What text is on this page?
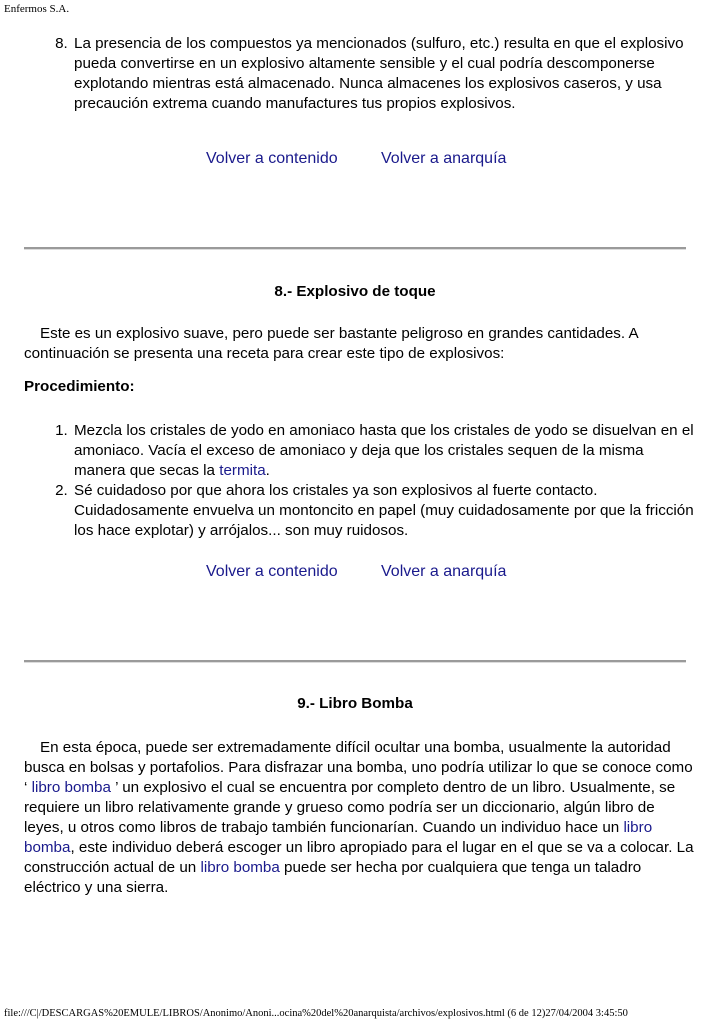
Enfermos S.A.
8. La presencia de los compuestos ya mencionados (sulfuro, etc.) resulta en que el explosivo pueda convertirse en un explosivo altamente sensible y el cual podría descomponerse explotando mientras está almacenado. Nunca almacenes los explosivos caseros, y usa precaución extrema cuando manufactures tus propios explosivos.
Volver a contenido	Volver a anarquía
8.- Explosivo de toque
Este es un explosivo suave, pero puede ser bastante peligroso en grandes cantidades. A continuación se presenta una receta para crear este tipo de explosivos:
Procedimiento:
1. Mezcla los cristales de yodo en amoniaco hasta que los cristales de yodo se disuelvan en el amoniaco. Vacía el exceso de amoniaco y deja que los cristales sequen de la misma manera que secas la termita.
2. Sé cuidadoso por que ahora los cristales ya son explosivos al fuerte contacto. Cuidadosamente envuelva un montoncito en papel (muy cuidadosamente por que la fricción los hace explotar) y arrójalos... son muy ruidosos.
Volver a contenido	Volver a anarquía
9.- Libro Bomba
En esta época, puede ser extremadamente difícil ocultar una bomba, usualmente la autoridad busca en bolsas y portafolios. Para disfrazar una bomba, uno podría utilizar lo que se conoce como ‘ libro bomba ’ un explosivo el cual se encuentra por completo dentro de un libro. Usualmente, se requiere un libro relativamente grande y grueso como podría ser un diccionario, algún libro de leyes, u otros como libros de trabajo también funcionarían. Cuando un individuo hace un libro bomba, este individuo deberá escoger un libro apropiado para el lugar en el que se va a colocar. La construcción actual de un libro bomba puede ser hecha por cualquiera que tenga un taladro eléctrico y una sierra.
file:///C|/DESCARGAS%20EMULE/LIBROS/Anonimo/Anoni...ocina%20del%20anarquista/archivos/explosivos.html (6 de 12)27/04/2004 3:45:50
